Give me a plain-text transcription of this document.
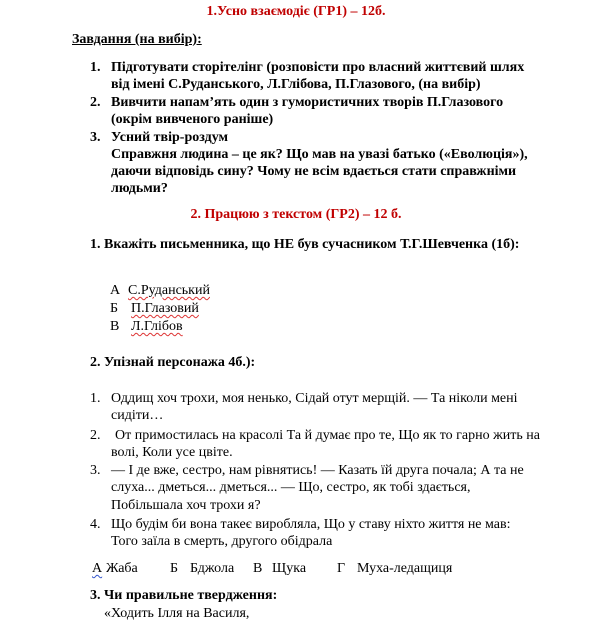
1.Усно взаємодіє (ГР1) – 12б.
Завдання (на вибір):
1. Підготувати сторітелінг (розповісти про власний життєвий шлях
від імені С.Руданського, Л.Глібова, П.Глазового, (на вибір)
2. Вивчити напам’ять один з гумористичних творів П.Глазового
(окрім вивченого раніше)
3. Усний твір-роздум
Справжня людина – це як? Що мав на увазі батько («Еволюція»),
даючи відповідь сину? Чому не всім вдається стати справжніми
людьми?
2. Працюю з текстом (ГР2) – 12 б.
1. Вкажіть письменника, що НЕ був сучасником Т.Г.Шевченка (1б):
А С.Руданський
Б П.Глазовий
В Л.Глібов
2. Упізнай персонажа 4б.):
1. Оддищ хоч трохи, моя ненько, Сідай отут мерщій. — Та ніколи мені
сидіти…
2. От примостилась на красолі Та й думає про те, Що як то гарно жить на
волі, Коли усе цвіте.
3. — І де вже, сестро, нам рівнятись! — Казать їй друга почала; А та не
слуха... дметься... дметься... — Що, сестро, як тобі здається,
Побільшала хоч трохи я?
4. Що будім би вона такеє виробляла, Що у ставу ніхто життя не мав:
Того заїла в смерть, другого обідрала
А Жаба Б Бджола В Щука Г Муха-ледащиця
3. Чи правильне твердження:
«Ходить Ілля на Василя,
